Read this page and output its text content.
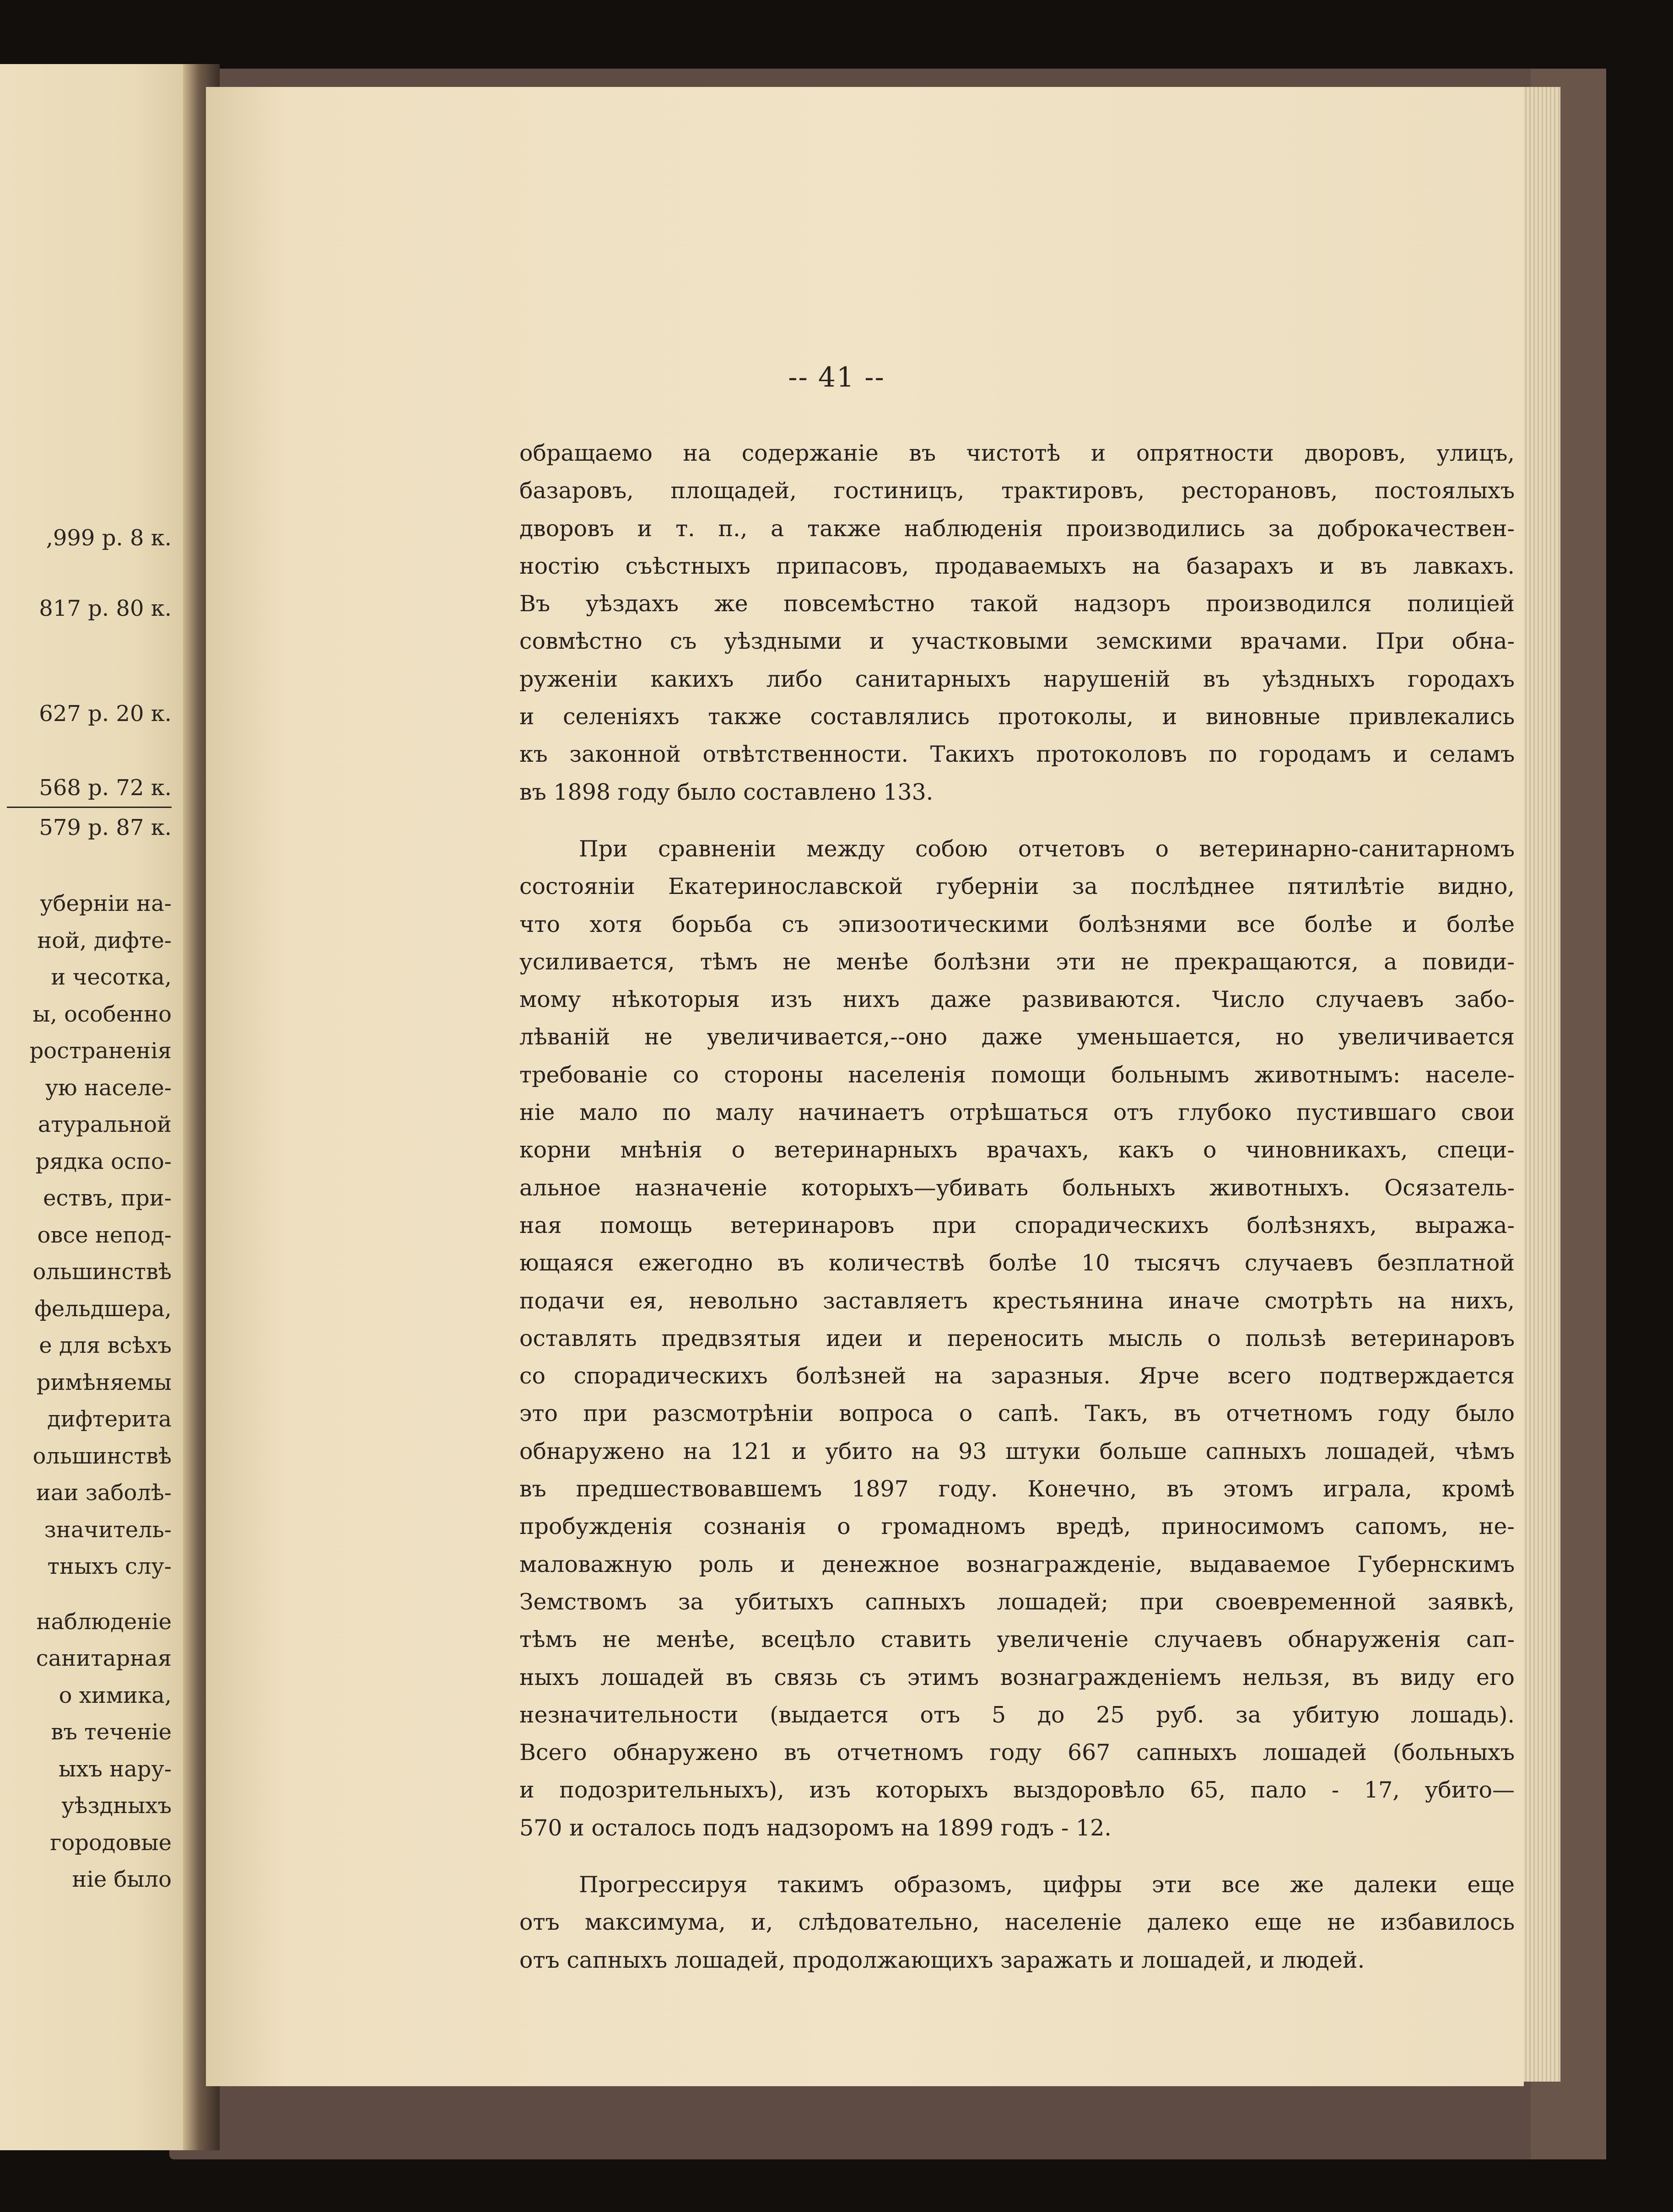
,999 р. 8 к.
817 р. 80 к.
627 р. 20 к.
568 р. 72 к.
579 р. 87 к.
убернiи на-
ной, дифте-
и чесотка,
ы, особенно
ространенія
ую населе-
атуральной
рядка оспо-
ествъ, при-
овсе непод-
ольшинствѣ
фельдшера,
е для всѣхъ
римѣняемы
дифтерита
ольшинствѣ
иаи заболѣ-
значитель-
тныхъ слу-
наблюденіе
санитарная
о химика,
въ теченіе
ыхъ нару-
уѣздныхъ
городовые
ніе было
-- 41 --
обращаемо на содержаніе въ чистотѣ и опрятности дворовъ, улицъ,
базаровъ, площадей, гостиницъ, трактировъ, ресторановъ, постоялыхъ
дворовъ и т. п., а также наблюденія производились за доброкачествен-
ностію съѣстныхъ припасовъ, продаваемыхъ на базарахъ и въ лавкахъ.
Въ уѣздахъ же повсемѣстно такой надзоръ производился полиціей
совмѣстно съ уѣздными и участковыми земскими врачами. При обна-
руженіи какихъ либо санитарныхъ нарушеній въ уѣздныхъ городахъ
и селеніяхъ также составлялись протоколы, и виновные привлекались
къ законной отвѣтственности. Такихъ протоколовъ по городамъ и селамъ
въ 1898 году было составлено 133.
При сравненіи между собою отчетовъ о ветеринарно-санитарномъ
состояніи Екатеринославской губерніи за послѣднее пятилѣтіе видно,
что хотя борьба съ эпизоотическими болѣзнями все болѣе и болѣе
усиливается, тѣмъ не менѣе болѣзни эти не прекращаются, а повиди-
мому нѣкоторыя изъ нихъ даже развиваются. Число случаевъ забо-
лѣваній не увеличивается,--оно даже уменьшается, но увеличивается
требованіе со стороны населенія помощи больнымъ животнымъ: населе-
ніе мало по малу начинаетъ отрѣшаться отъ глубоко пустившаго свои
корни мнѣнія о ветеринарныхъ врачахъ, какъ о чиновникахъ, специ-
альное назначеніе которыхъ—убивать больныхъ животныхъ. Осязатель-
ная помощь ветеринаровъ при спорадическихъ болѣзняхъ, выража-
ющаяся ежегодно въ количествѣ болѣе 10 тысячъ случаевъ безплатной
подачи ея, невольно заставляетъ крестьянина иначе смотрѣть на нихъ,
оставлять предвзятыя идеи и переносить мысль о пользѣ ветеринаровъ
со спорадическихъ болѣзней на заразныя. Ярче всего подтверждается
это при разсмотрѣніи вопроса о сапѣ. Такъ, въ отчетномъ году было
обнаружено на 121 и убито на 93 штуки больше сапныхъ лошадей, чѣмъ
въ предшествовавшемъ 1897 году. Конечно, въ этомъ играла, кромѣ
пробужденія сознанія о громадномъ вредѣ, приносимомъ сапомъ, не-
маловажную роль и денежное вознагражденіе, выдаваемое Губернскимъ
Земствомъ за убитыхъ сапныхъ лошадей; при своевременной заявкѣ,
тѣмъ не менѣе, всецѣло ставить увеличеніе случаевъ обнаруженія сап-
ныхъ лошадей въ связь съ этимъ вознагражденіемъ нельзя, въ виду его
незначительности (выдается отъ 5 до 25 руб. за убитую лошадь).
Всего обнаружено въ отчетномъ году 667 сапныхъ лошадей (больныхъ
и подозрительныхъ), изъ которыхъ выздоровѣло 65, пало - 17, убито—
570 и осталось подъ надзоромъ на 1899 годъ - 12.
Прогрессируя такимъ образомъ, цифры эти все же далеки еще
отъ максимума, и, слѣдовательно, населеніе далеко еще не избавилось
отъ сапныхъ лошадей, продолжающихъ заражать и лошадей, и людей.
